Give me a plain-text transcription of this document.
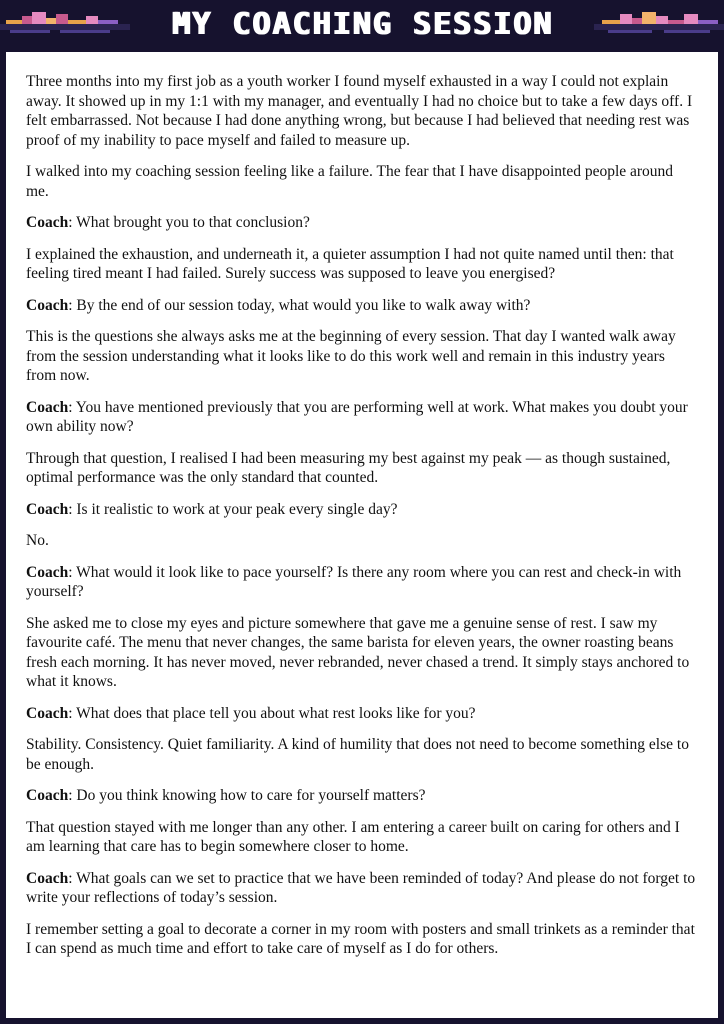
MY COACHING SESSION

Three months into my first job as a youth worker I found myself exhausted in a way I could not explain away. It showed up in my 1:1 with my manager, and eventually I had no choice but to take a few days off. I felt embarrassed. Not because I had done anything wrong, but because I had believed that needing rest was proof of my inability to pace myself and failed to measure up.

I walked into my coaching session feeling like a failure. The fear that I have disappointed people around me.

Coach: What brought you to that conclusion?

I explained the exhaustion, and underneath it, a quieter assumption I had not quite named until then: that feeling tired meant I had failed. Surely success was supposed to leave you energised?

Coach: By the end of our session today, what would you like to walk away with?

This is the questions she always asks me at the beginning of every session. That day I wanted walk away from the session understanding what it looks like to do this work well and remain in this industry years from now.

Coach: You have mentioned previously that you are performing well at work. What makes you doubt your own ability now?

Through that question, I realised I had been measuring my best against my peak — as though sustained, optimal performance was the only standard that counted.

Coach: Is it realistic to work at your peak every single day?

No.

Coach: What would it look like to pace yourself? Is there any room where you can rest and check-in with yourself?

She asked me to close my eyes and picture somewhere that gave me a genuine sense of rest. I saw my favourite café. The menu that never changes, the same barista for eleven years, the owner roasting beans fresh each morning. It has never moved, never rebranded, never chased a trend. It simply stays anchored to what it knows.

Coach: What does that place tell you about what rest looks like for you?

Stability. Consistency. Quiet familiarity. A kind of humility that does not need to become something else to be enough.

Coach: Do you think knowing how to care for yourself matters?

That question stayed with me longer than any other. I am entering a career built on caring for others and I am learning that care has to begin somewhere closer to home.

Coach: What goals can we set to practice that we have been reminded of today? And please do not forget to write your reflections of today’s session.

I remember setting a goal to decorate a corner in my room with posters and small trinkets as a reminder that I can spend as much time and effort to take care of myself as I do for others.
